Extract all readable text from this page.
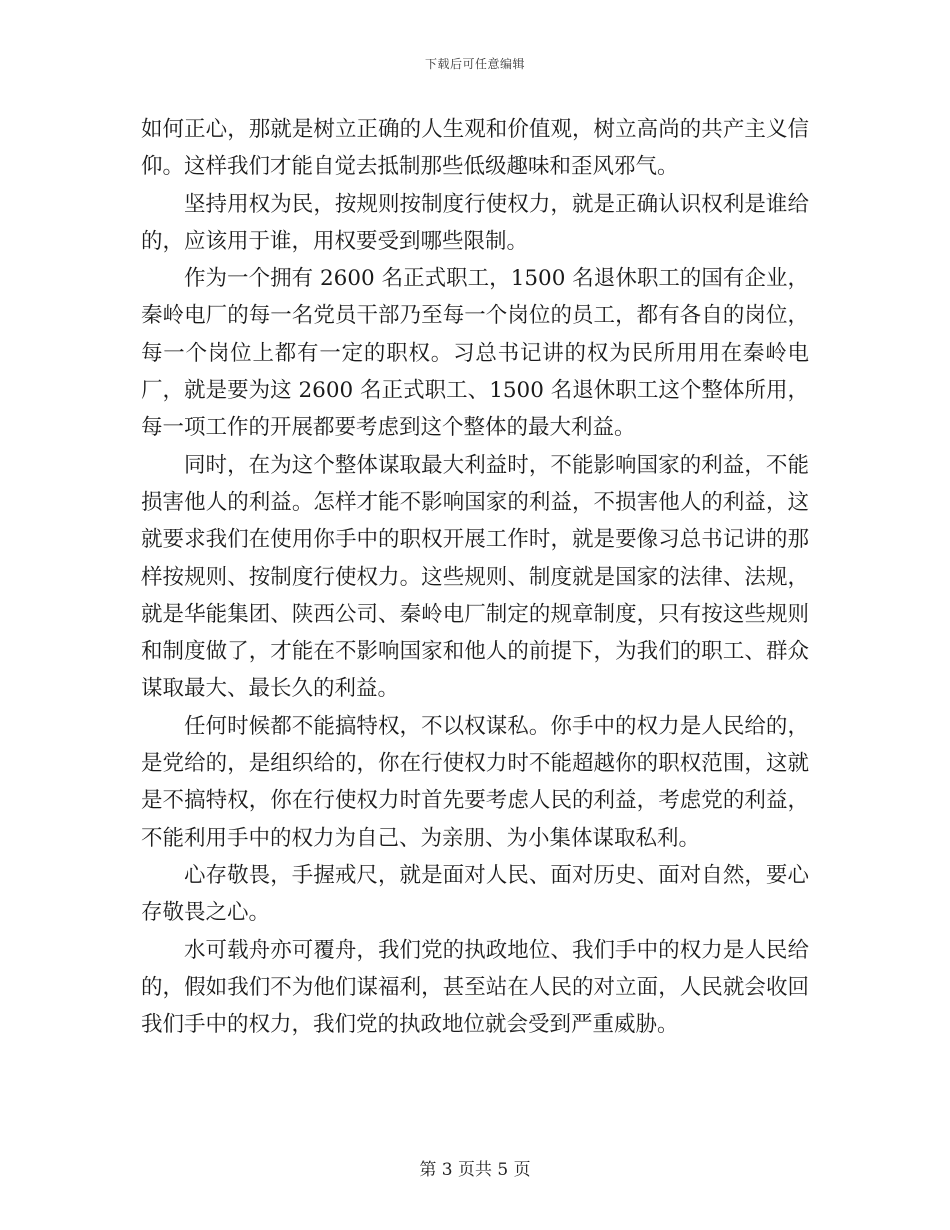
下载后可任意编辑

如何正心，那就是树立正确的人生观和价值观，树立高尚的共产主义信仰。这样我们才能自觉去抵制那些低级趣味和歪风邪气。

坚持用权为民，按规则按制度行使权力，就是正确认识权利是谁给的，应该用于谁，用权要受到哪些限制。

作为一个拥有 2600 名正式职工，1500 名退休职工的国有企业，秦岭电厂的每一名党员干部乃至每一个岗位的员工，都有各自的岗位，每一个岗位上都有一定的职权。习总书记讲的权为民所用用在秦岭电厂，就是要为这 2600 名正式职工、1500 名退休职工这个整体所用，每一项工作的开展都要考虑到这个整体的最大利益。

同时，在为这个整体谋取最大利益时，不能影响国家的利益，不能损害他人的利益。怎样才能不影响国家的利益，不损害他人的利益，这就要求我们在使用你手中的职权开展工作时，就是要像习总书记讲的那样按规则、按制度行使权力。这些规则、制度就是国家的法律、法规，就是华能集团、陕西公司、秦岭电厂制定的规章制度，只有按这些规则和制度做了，才能在不影响国家和他人的前提下，为我们的职工、群众谋取最大、最长久的利益。

任何时候都不能搞特权，不以权谋私。你手中的权力是人民给的，是党给的，是组织给的，你在行使权力时不能超越你的职权范围，这就是不搞特权，你在行使权力时首先要考虑人民的利益，考虑党的利益，不能利用手中的权力为自己、为亲朋、为小集体谋取私利。

心存敬畏，手握戒尺，就是面对人民、面对历史、面对自然，要心存敬畏之心。

水可载舟亦可覆舟，我们党的执政地位、我们手中的权力是人民给的，假如我们不为他们谋福利，甚至站在人民的对立面，人民就会收回我们手中的权力，我们党的执政地位就会受到严重威胁。

第 3 页共 5 页
